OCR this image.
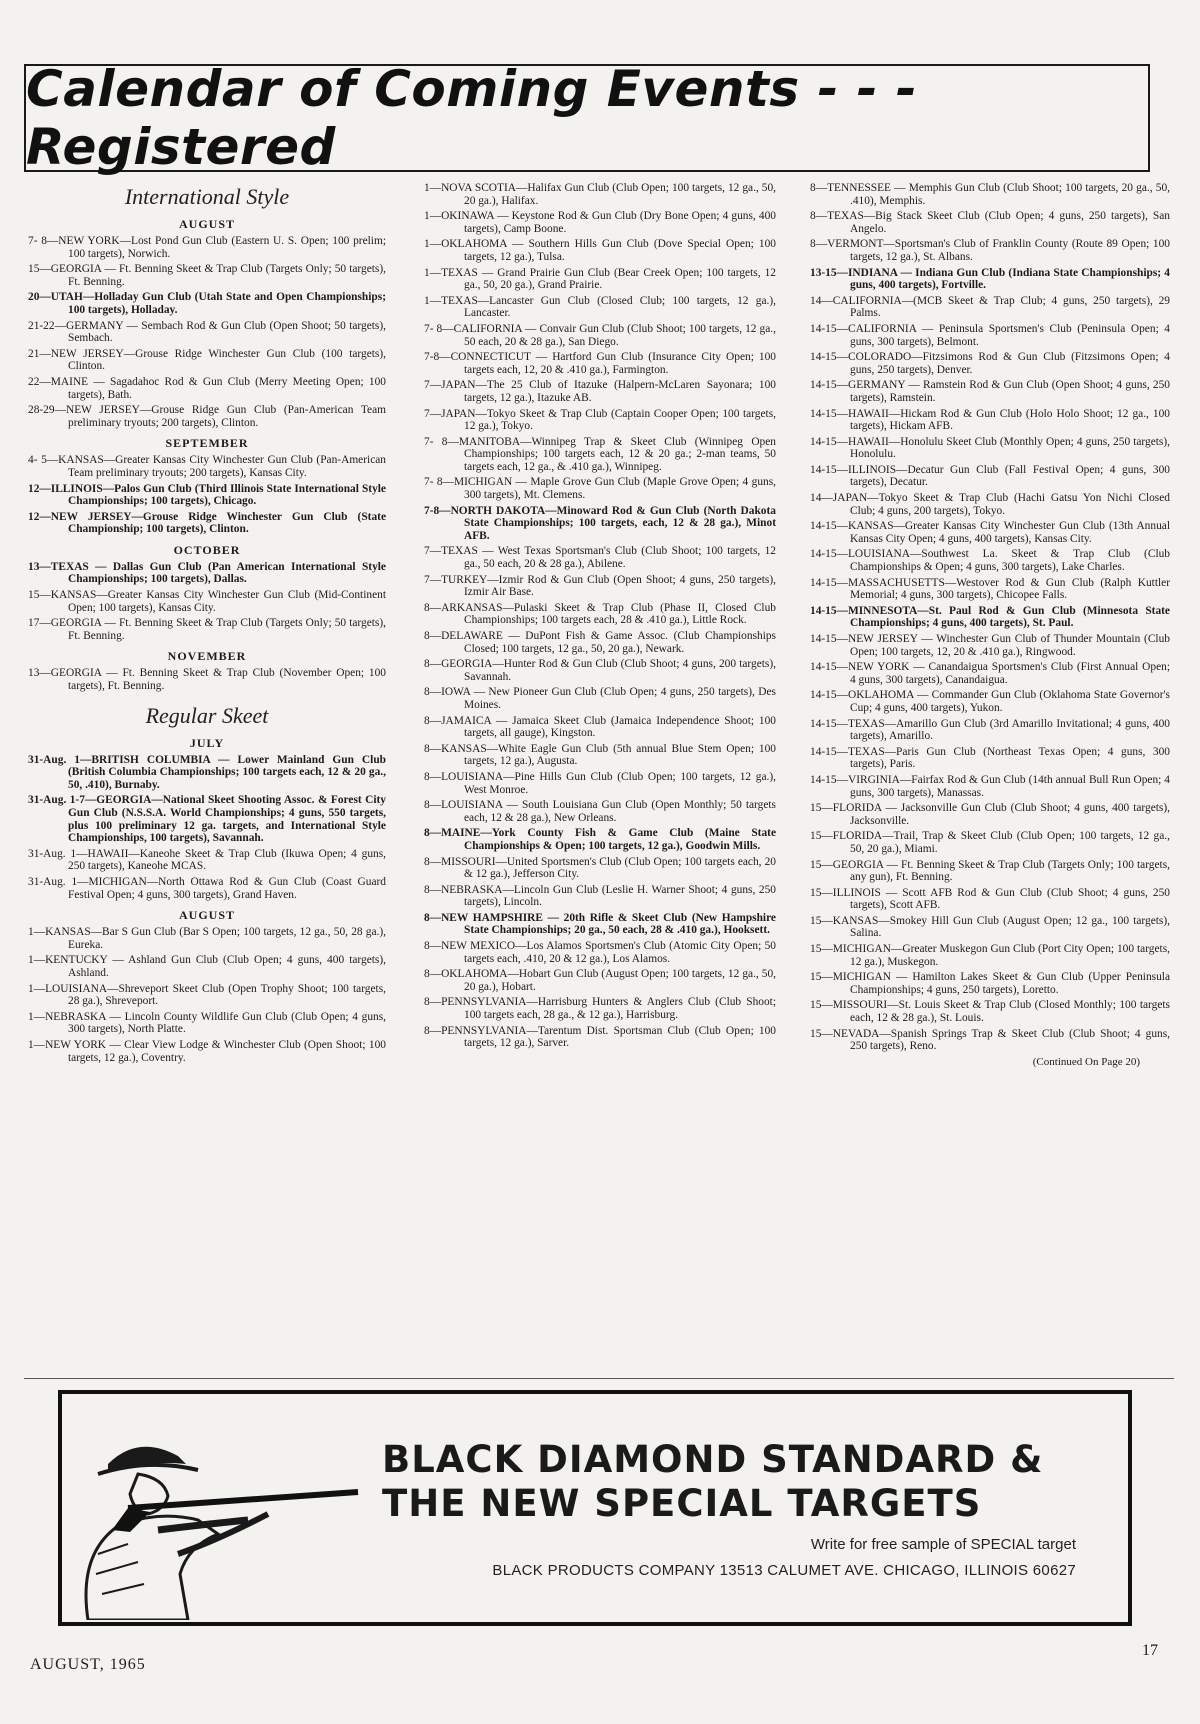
Calendar of Coming Events - - - Registered
International Style
AUGUST
7- 8—NEW YORK—Lost Pond Gun Club (Eastern U. S. Open; 100 prelim; 100 targets), Norwich.
15—GEORGIA — Ft. Benning Skeet & Trap Club (Targets Only; 50 targets), Ft. Benning.
20—UTAH—Holladay Gun Club (Utah State and Open Championships; 100 targets), Holladay.
21-22—GERMANY — Sembach Rod & Gun Club (Open Shoot; 50 targets), Sembach.
21—NEW JERSEY—Grouse Ridge Winchester Gun Club (100 targets), Clinton.
22—MAINE — Sagadahoc Rod & Gun Club (Merry Meeting Open; 100 targets), Bath.
28-29—NEW JERSEY—Grouse Ridge Gun Club (Pan-American Team preliminary tryouts; 200 targets), Clinton.
SEPTEMBER
4- 5—KANSAS—Greater Kansas City Winchester Gun Club (Pan-American Team preliminary tryouts; 200 targets), Kansas City.
12—ILLINOIS—Palos Gun Club (Third Illinois State International Style Championships; 100 targets), Chicago.
12—NEW JERSEY—Grouse Ridge Winchester Gun Club (State Championship; 100 targets), Clinton.
OCTOBER
13—TEXAS — Dallas Gun Club (Pan American International Style Championships; 100 targets), Dallas.
15—KANSAS—Greater Kansas City Winchester Gun Club (Mid-Continent Open; 100 targets), Kansas City.
17—GEORGIA — Ft. Benning Skeet & Trap Club (Targets Only; 50 targets), Ft. Benning.
NOVEMBER
13—GEORGIA — Ft. Benning Skeet & Trap Club (November Open; 100 targets), Ft. Benning.
Regular Skeet
JULY
31-Aug. 1—BRITISH COLUMBIA — Lower Mainland Gun Club (British Columbia Championships; 100 targets each, 12 & 20 ga., 50, .410), Burnaby.
31-Aug. 1-7—GEORGIA—National Skeet Shooting Assoc. & Forest City Gun Club (N.S.S.A. World Championships; 4 guns, 550 targets, plus 100 preliminary 12 ga. targets, and International Style Championships, 100 targets), Savannah.
31-Aug. 1—HAWAII—Kaneohe Skeet & Trap Club (Ikuwa Open; 4 guns, 250 targets), Kaneohe MCAS.
31-Aug. 1—MICHIGAN—North Ottawa Rod & Gun Club (Coast Guard Festival Open; 4 guns, 300 targets), Grand Haven.
AUGUST
1—KANSAS—Bar S Gun Club (Bar S Open; 100 targets, 12 ga., 50, 28 ga.), Eureka.
1—KENTUCKY — Ashland Gun Club (Club Open; 4 guns, 400 targets), Ashland.
1—LOUISIANA—Shreveport Skeet Club (Open Trophy Shoot; 100 targets, 28 ga.), Shreveport.
1—NEBRASKA — Lincoln County Wildlife Gun Club (Club Open; 4 guns, 300 targets), North Platte.
1—NEW YORK — Clear View Lodge & Winchester Club (Open Shoot; 100 targets, 12 ga.), Coventry.
1—NOVA SCOTIA—Halifax Gun Club (Club Open; 100 targets, 12 ga., 50, 20 ga.), Halifax.
1—OKINAWA — Keystone Rod & Gun Club (Dry Bone Open; 4 guns, 400 targets), Camp Boone.
1—OKLAHOMA — Southern Hills Gun Club (Dove Special Open; 100 targets, 12 ga.), Tulsa.
1—TEXAS — Grand Prairie Gun Club (Bear Creek Open; 100 targets, 12 ga., 50, 20 ga.), Grand Prairie.
1—TEXAS—Lancaster Gun Club (Closed Club; 100 targets, 12 ga.), Lancaster.
7- 8—CALIFORNIA — Convair Gun Club (Club Shoot; 100 targets, 12 ga., 50 each, 20 & 28 ga.), San Diego.
7-8—CONNECTICUT — Hartford Gun Club (Insurance City Open; 100 targets each, 12, 20 & .410 ga.), Farmington.
7—JAPAN—The 25 Club of Itazuke (Halpern-McLaren Sayonara; 100 targets, 12 ga.), Itazuke AB.
7—JAPAN—Tokyo Skeet & Trap Club (Captain Cooper Open; 100 targets, 12 ga.), Tokyo.
7- 8—MANITOBA—Winnipeg Trap & Skeet Club (Winnipeg Open Championships; 100 targets each, 12 & 20 ga.; 2-man teams, 50 targets each, 12 ga., & .410 ga.), Winnipeg.
7- 8—MICHIGAN — Maple Grove Gun Club (Maple Grove Open; 4 guns, 300 targets), Mt. Clemens.
7-8—NORTH DAKOTA—Minoward Rod & Gun Club (North Dakota State Championships; 100 targets, each, 12 & 28 ga.), Minot AFB.
7—TEXAS — West Texas Sportsman's Club (Club Shoot; 100 targets, 12 ga., 50 each, 20 & 28 ga.), Abilene.
7—TURKEY—Izmir Rod & Gun Club (Open Shoot; 4 guns, 250 targets), Izmir Air Base.
8—ARKANSAS—Pulaski Skeet & Trap Club (Phase II, Closed Club Championships; 100 targets each, 28 & .410 ga.), Little Rock.
8—DELAWARE — DuPont Fish & Game Assoc. (Club Championships Closed; 100 targets, 12 ga., 50, 20 ga.), Newark.
8—GEORGIA—Hunter Rod & Gun Club (Club Shoot; 4 guns, 200 targets), Savannah.
8—IOWA — New Pioneer Gun Club (Club Open; 4 guns, 250 targets), Des Moines.
8—JAMAICA — Jamaica Skeet Club (Jamaica Independence Shoot; 100 targets, all gauge), Kingston.
8—KANSAS—White Eagle Gun Club (5th annual Blue Stem Open; 100 targets, 12 ga.), Augusta.
8—LOUISIANA—Pine Hills Gun Club (Club Open; 100 targets, 12 ga.), West Monroe.
8—LOUISIANA — South Louisiana Gun Club (Open Monthly; 50 targets each, 12 & 28 ga.), New Orleans.
8—MAINE—York County Fish & Game Club (Maine State Championships & Open; 100 targets, 12 ga.), Goodwin Mills.
8—MISSOURI—United Sportsmen's Club (Club Open; 100 targets each, 20 & 12 ga.), Jefferson City.
8—NEBRASKA—Lincoln Gun Club (Leslie H. Warner Shoot; 4 guns, 250 targets), Lincoln.
8—NEW HAMPSHIRE — 20th Rifle & Skeet Club (New Hampshire State Championships; 20 ga., 50 each, 28 & .410 ga.), Hooksett.
8—NEW MEXICO—Los Alamos Sportsmen's Club (Atomic City Open; 50 targets each, .410, 20 & 12 ga.), Los Alamos.
8—OKLAHOMA—Hobart Gun Club (August Open; 100 targets, 12 ga., 50, 20 ga.), Hobart.
8—PENNSYLVANIA—Harrisburg Hunters & Anglers Club (Club Shoot; 100 targets each, 28 ga., & 12 ga.), Harrisburg.
8—PENNSYLVANIA—Tarentum Dist. Sportsman Club (Club Open; 100 targets, 12 ga.), Sarver.
8—TENNESSEE — Memphis Gun Club (Club Shoot; 100 targets, 20 ga., 50, .410), Memphis.
8—TEXAS—Big Stack Skeet Club (Club Open; 4 guns, 250 targets), San Angelo.
8—VERMONT—Sportsman's Club of Franklin County (Route 89 Open; 100 targets, 12 ga.), St. Albans.
13-15—INDIANA — Indiana Gun Club (Indiana State Championships; 4 guns, 400 targets), Fortville.
14—CALIFORNIA—(MCB Skeet & Trap Club; 4 guns, 250 targets), 29 Palms.
14-15—CALIFORNIA — Peninsula Sportsmen's Club (Peninsula Open; 4 guns, 300 targets), Belmont.
14-15—COLORADO—Fitzsimons Rod & Gun Club (Fitzsimons Open; 4 guns, 250 targets), Denver.
14-15—GERMANY — Ramstein Rod & Gun Club (Open Shoot; 4 guns, 250 targets), Ramstein.
14-15—HAWAII—Hickam Rod & Gun Club (Holo Holo Shoot; 12 ga., 100 targets), Hickam AFB.
14-15—HAWAII—Honolulu Skeet Club (Monthly Open; 4 guns, 250 targets), Honolulu.
14-15—ILLINOIS—Decatur Gun Club (Fall Festival Open; 4 guns, 300 targets), Decatur.
14—JAPAN—Tokyo Skeet & Trap Club (Hachi Gatsu Yon Nichi Closed Club; 4 guns, 200 targets), Tokyo.
14-15—KANSAS—Greater Kansas City Winchester Gun Club (13th Annual Kansas City Open; 4 guns, 400 targets), Kansas City.
14-15—LOUISIANA—Southwest La. Skeet & Trap Club (Club Championships & Open; 4 guns, 300 targets), Lake Charles.
14-15—MASSACHUSETTS—Westover Rod & Gun Club (Ralph Kuttler Memorial; 4 guns, 300 targets), Chicopee Falls.
14-15—MINNESOTA—St. Paul Rod & Gun Club (Minnesota State Championships; 4 guns, 400 targets), St. Paul.
14-15—NEW JERSEY — Winchester Gun Club of Thunder Mountain (Club Open; 100 targets, 12, 20 & .410 ga.), Ringwood.
14-15—NEW YORK — Canandaigua Sportsmen's Club (First Annual Open; 4 guns, 300 targets), Canandaigua.
14-15—OKLAHOMA — Commander Gun Club (Oklahoma State Governor's Cup; 4 guns, 400 targets), Yukon.
14-15—TEXAS—Amarillo Gun Club (3rd Amarillo Invitational; 4 guns, 400 targets), Amarillo.
14-15—TEXAS—Paris Gun Club (Northeast Texas Open; 4 guns, 300 targets), Paris.
14-15—VIRGINIA—Fairfax Rod & Gun Club (14th annual Bull Run Open; 4 guns, 300 targets), Manassas.
15—FLORIDA — Jacksonville Gun Club (Club Shoot; 4 guns, 400 targets), Jacksonville.
15—FLORIDA—Trail, Trap & Skeet Club (Club Open; 100 targets, 12 ga., 50, 20 ga.), Miami.
15—GEORGIA — Ft. Benning Skeet & Trap Club (Targets Only; 100 targets, any gun), Ft. Benning.
15—ILLINOIS — Scott AFB Rod & Gun Club (Club Shoot; 4 guns, 250 targets), Scott AFB.
15—KANSAS—Smokey Hill Gun Club (August Open; 12 ga., 100 targets), Salina.
15—MICHIGAN—Greater Muskegon Gun Club (Port City Open; 100 targets, 12 ga.), Muskegon.
15—MICHIGAN — Hamilton Lakes Skeet & Gun Club (Upper Peninsula Championships; 4 guns, 250 targets), Loretto.
15—MISSOURI—St. Louis Skeet & Trap Club (Closed Monthly; 100 targets each, 12 & 28 ga.), St. Louis.
15—NEVADA—Spanish Springs Trap & Skeet Club (Club Shoot; 4 guns, 250 targets), Reno.
(Continued On Page 20)
BLACK DIAMOND STANDARD &
THE NEW SPECIAL TARGETS
Write for free sample of SPECIAL target
BLACK PRODUCTS COMPANY 13513 CALUMET AVE. CHICAGO, ILLINOIS 60627
AUGUST, 1965
17
